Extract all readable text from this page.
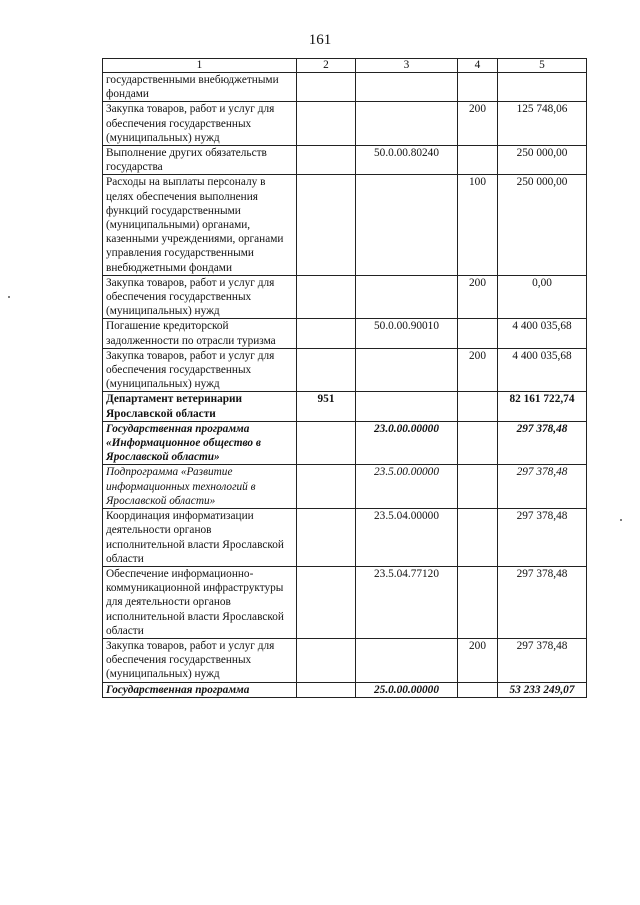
161
1	2	3	4	5
государственными внебюджетными фондами				
Закупка товаров, работ и услуг для обеспечения государственных (муниципальных) нужд			200	125 748,06
Выполнение других обязательств государства		50.0.00.80240		250 000,00
Расходы на выплаты персоналу в целях обеспечения выполнения функций государственными (муниципальными) органами, казенными учреждениями, органами управления государственными внебюджетными фондами			100	250 000,00
Закупка товаров, работ и услуг для обеспечения государственных (муниципальных) нужд			200	0,00
Погашение кредиторской задолженности по отрасли туризма		50.0.00.90010		4 400 035,68
Закупка товаров, работ и услуг для обеспечения государственных (муниципальных) нужд			200	4 400 035,68
Департамент ветеринарии Ярославской области	951			82 161 722,74
Государственная программа «Информационное общество в Ярославской области»		23.0.00.00000		297 378,48
Подпрограмма «Развитие информационных технологий в Ярославской области»		23.5.00.00000		297 378,48
Координация информатизации деятельности органов исполнительной власти Ярославской области		23.5.04.00000		297 378,48
Обеспечение информационно-коммуникационной инфраструктуры для деятельности органов исполнительной власти Ярославской области		23.5.04.77120		297 378,48
Закупка товаров, работ и услуг для обеспечения государственных (муниципальных) нужд			200	297 378,48
Государственная программа		25.0.00.00000		53 233 249,07
